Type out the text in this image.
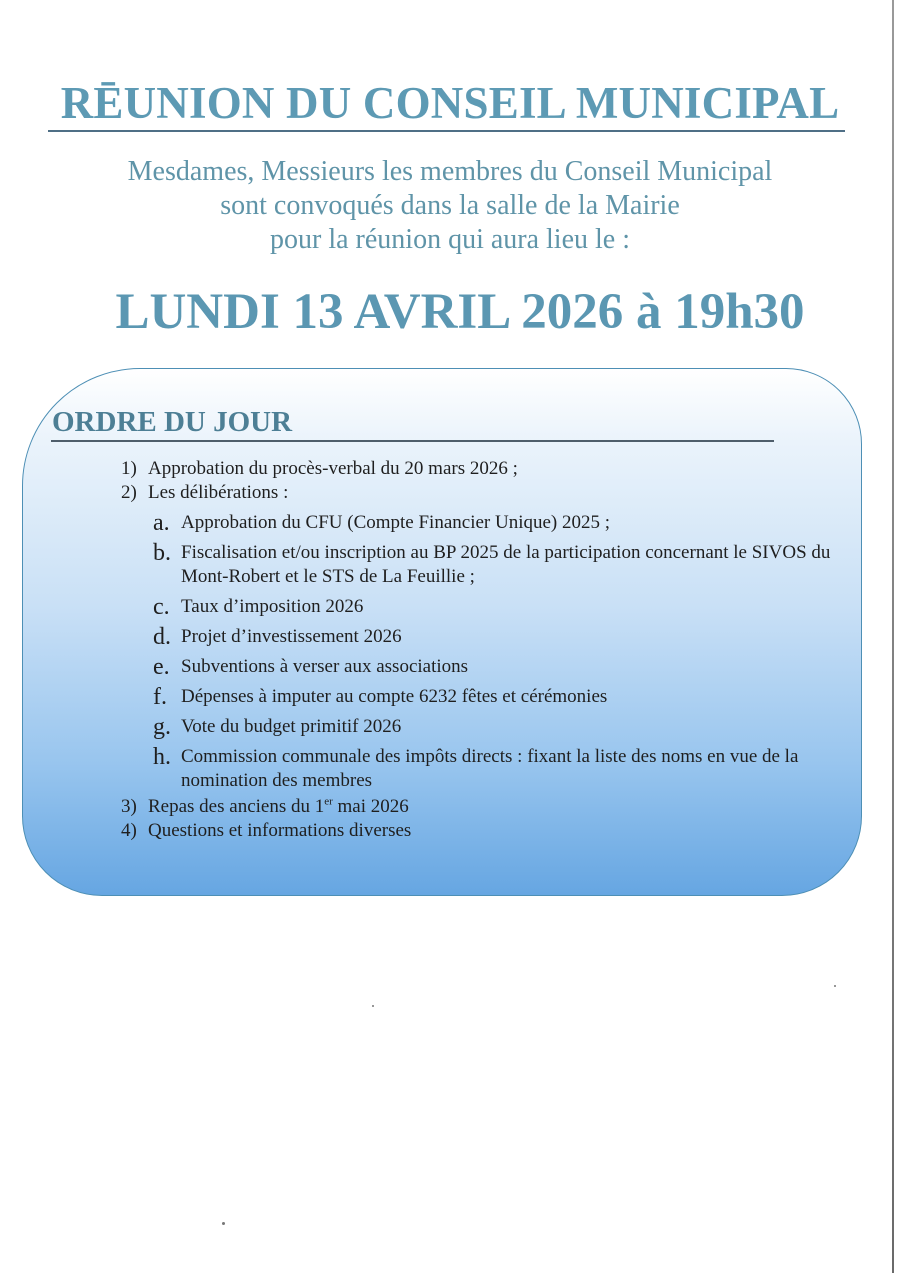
RĒUNION DU CONSEIL MUNICIPAL
Mesdames, Messieurs les membres du Conseil Municipal
sont convoqués dans la salle de la Mairie
pour la réunion qui aura lieu le :
LUNDI 13 AVRIL 2026 à 19h30
ORDRE DU JOUR
1) Approbation du procès-verbal du 20 mars 2026 ;
2) Les délibérations :
a. Approbation du CFU (Compte Financier Unique) 2025 ;
b. Fiscalisation et/ou inscription au BP 2025 de la participation concernant le SIVOS du Mont-Robert et le STS de La Feuillie ;
c. Taux d’imposition 2026
d. Projet d’investissement 2026
e. Subventions à verser aux associations
f. Dépenses à imputer au compte 6232 fêtes et cérémonies
g. Vote du budget primitif 2026
h. Commission communale des impôts directs : fixant la liste des noms en vue de la nomination des membres
3) Repas des anciens du 1er mai 2026
4) Questions et informations diverses
